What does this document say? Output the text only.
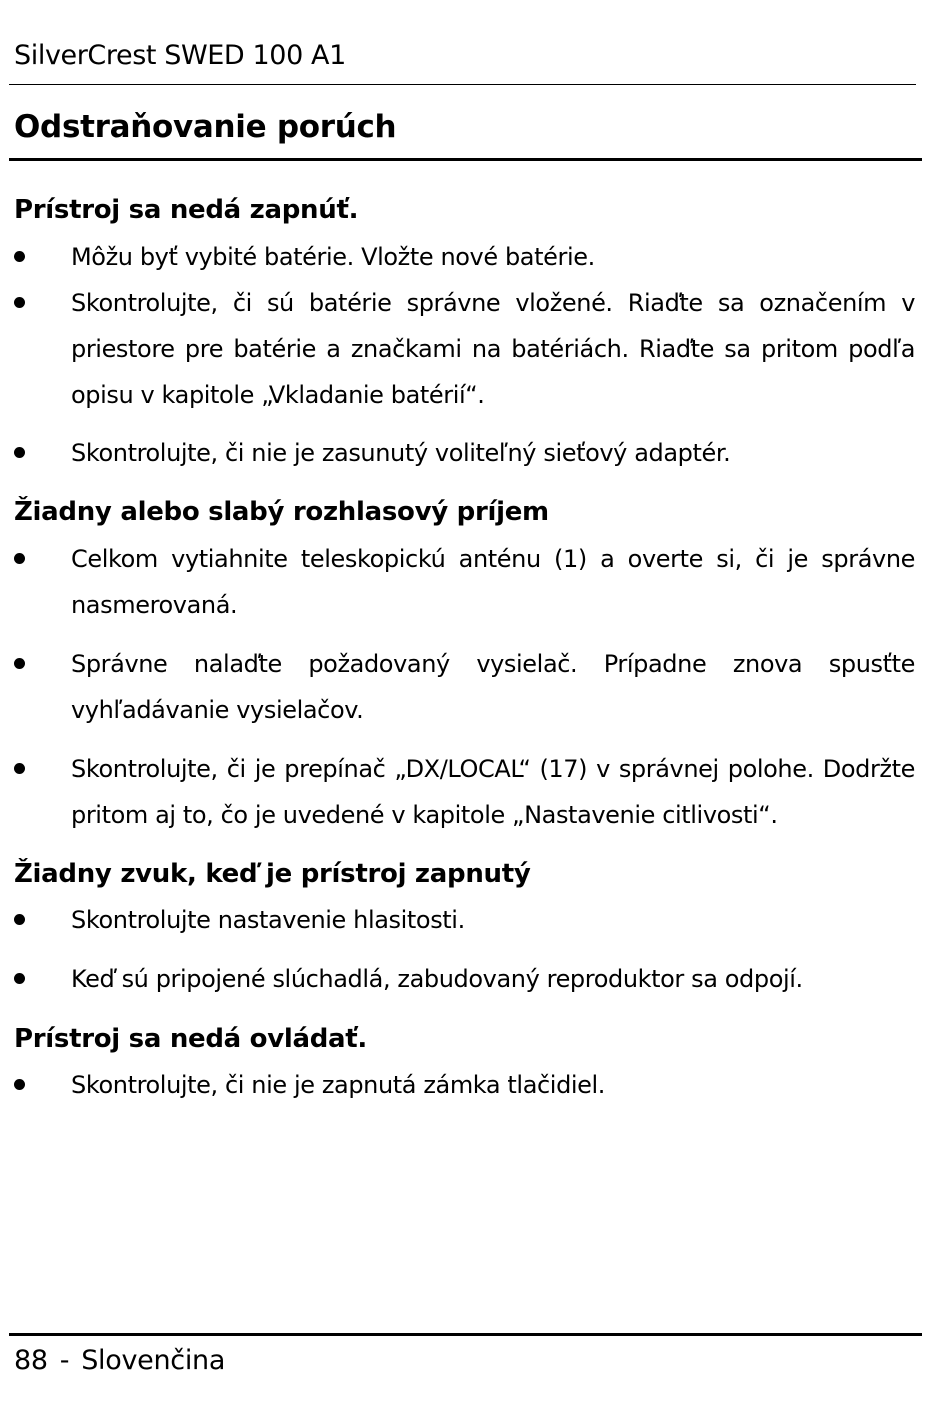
SilverCrest SWED 100 A1
Odstraňovanie porúch
Prístroj sa nedá zapnúť.
Môžu byť vybité batérie. Vložte nové batérie.
Skontrolujte, či sú batérie správne vložené. Riaďte sa označením v priestore pre batérie a značkami na batériách. Riaďte sa pritom podľa opisu v kapitole „Vkladanie batérií“.
Skontrolujte, či nie je zasunutý voliteľný sieťový adaptér.
Žiadny alebo slabý rozhlasový príjem
Celkom vytiahnite teleskopickú anténu (1) a overte si, či je správne nasmerovaná.
Správne nalaďte požadovaný vysielač. Prípadne znova spusťte vyhľadávanie vysielačov.
Skontrolujte, či je prepínač „DX/LOCAL“ (17) v správnej polohe. Dodržte pritom aj to, čo je uvedené v kapitole „Nastavenie citlivosti“.
Žiadny zvuk, keď je prístroj zapnutý
Skontrolujte nastavenie hlasitosti.
Keď sú pripojené slúchadlá, zabudovaný reproduktor sa odpojí.
Prístroj sa nedá ovládať.
Skontrolujte, či nie je zapnutá zámka tlačidiel.
88 - Slovenčina
